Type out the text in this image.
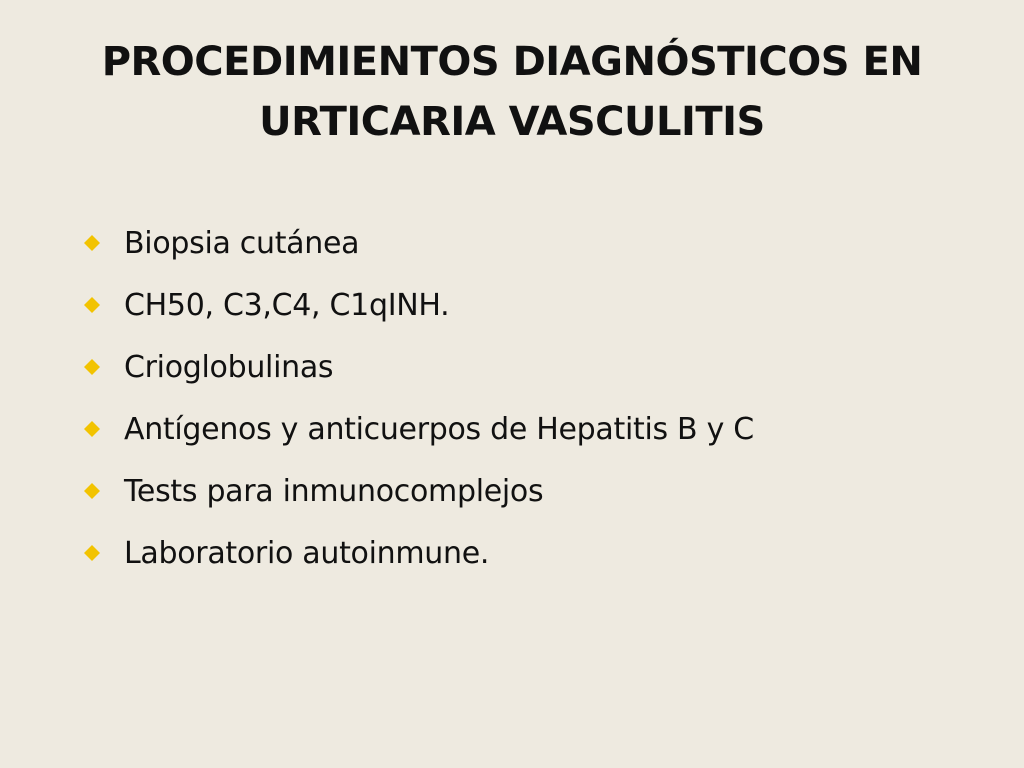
PROCEDIMIENTOS DIAGNÓSTICOS EN
URTICARIA VASCULITIS
Biopsia cutánea
CH50, C3,C4, C1qINH.
Crioglobulinas
Antígenos y anticuerpos de Hepatitis B y C
Tests para inmunocomplejos
Laboratorio autoinmune.
